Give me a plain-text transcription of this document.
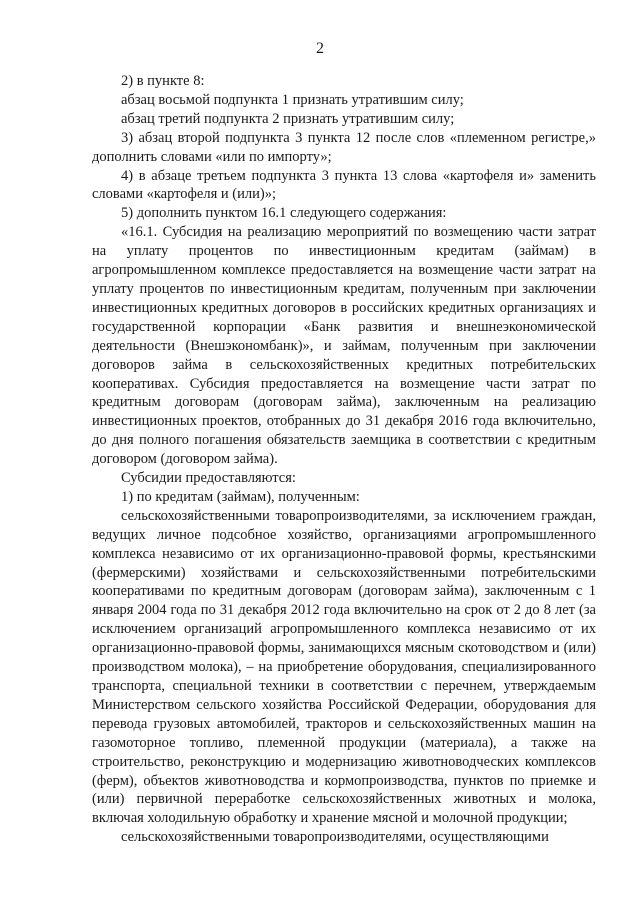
2

2) в пункте 8:

абзац восьмой подпункта 1 признать утратившим силу;

абзац третий подпункта 2 признать утратившим силу;

3) абзац второй подпункта 3 пункта 12 после слов «племенном регистре,» дополнить словами «или по импорту»;

4) в абзаце третьем подпункта 3 пункта 13 слова «картофеля и» заменить словами «картофеля и (или)»;

5) дополнить пунктом 16.1 следующего содержания:

«16.1. Субсидия на реализацию мероприятий по возмещению части затрат на уплату процентов по инвестиционным кредитам (займам) в агропромышленном комплексе предоставляется на возмещение части затрат на уплату процентов по инвестиционным кредитам, полученным при заключении инвестиционных кредитных договоров в российских кредитных организациях и государственной корпорации «Банк развития и внешнеэкономической деятельности (Внешэкономбанк)», и займам, полученным при заключении договоров займа в сельскохозяйственных кредитных потребительских кооперативах. Субсидия предоставляется на возмещение части затрат по кредитным договорам (договорам займа), заключенным на реализацию инвестиционных проектов, отобранных до 31 декабря 2016 года включительно, до дня полного погашения обязательств заемщика в соответствии с кредитным договором (договором займа).

Субсидии предоставляются:

1) по кредитам (займам), полученным:

сельскохозяйственными товаропроизводителями, за исключением граждан, ведущих личное подсобное хозяйство, организациями агропромышленного комплекса независимо от их организационно-правовой формы, крестьянскими (фермерскими) хозяйствами и сельскохозяйственными потребительскими кооперативами по кредитным договорам (договорам займа), заключенным с 1 января 2004 года по 31 декабря 2012 года включительно на срок от 2 до 8 лет (за исключением организаций агропромышленного комплекса независимо от их организационно-правовой формы, занимающихся мясным скотоводством и (или) производством молока), – на приобретение оборудования, специализированного транспорта, специальной техники в соответствии с перечнем, утверждаемым Министерством сельского хозяйства Российской Федерации, оборудования для перевода грузовых автомобилей, тракторов и сельскохозяйственных машин на газомоторное топливо, племенной продукции (материала), а также на строительство, реконструкцию и модернизацию животноводческих комплексов (ферм), объектов животноводства и кормопроизводства, пунктов по приемке и (или) первичной переработке сельскохозяйственных животных и молока, включая холодильную обработку и хранение мясной и молочной продукции;

сельскохозяйственными товаропроизводителями, осуществляющими
